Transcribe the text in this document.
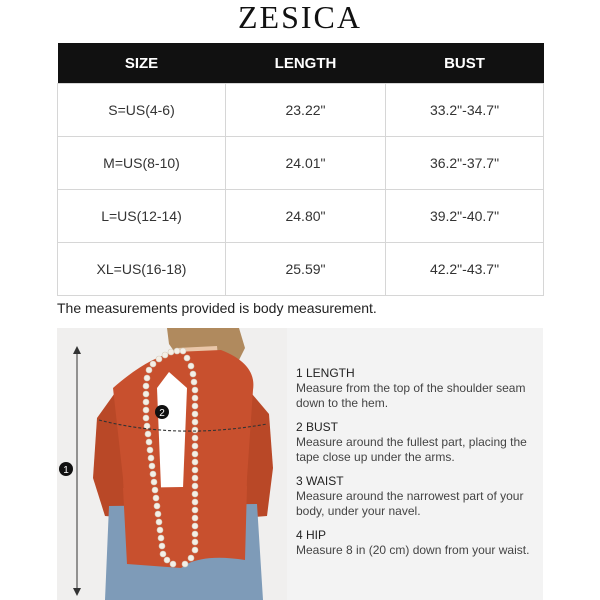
ZESICA
SIZE	LENGTH	BUST
S=US(4-6)	23.22"	33.2"-34.7"
M=US(8-10)	24.01"	36.2"-37.7"
L=US(12-14)	24.80"	39.2"-40.7"
XL=US(16-18)	25.59"	42.2"-43.7"
The measurements provided is body measurement.
1
2
1 LENGTH
Measure from the top of the shoulder seam down to the hem.
2 BUST
Measure around the fullest part, placing the tape close up under the arms.
3 WAIST
Measure around the narrowest part of your body, under your navel.
4 HIP
Measure 8 in (20 cm) down from your waist.
